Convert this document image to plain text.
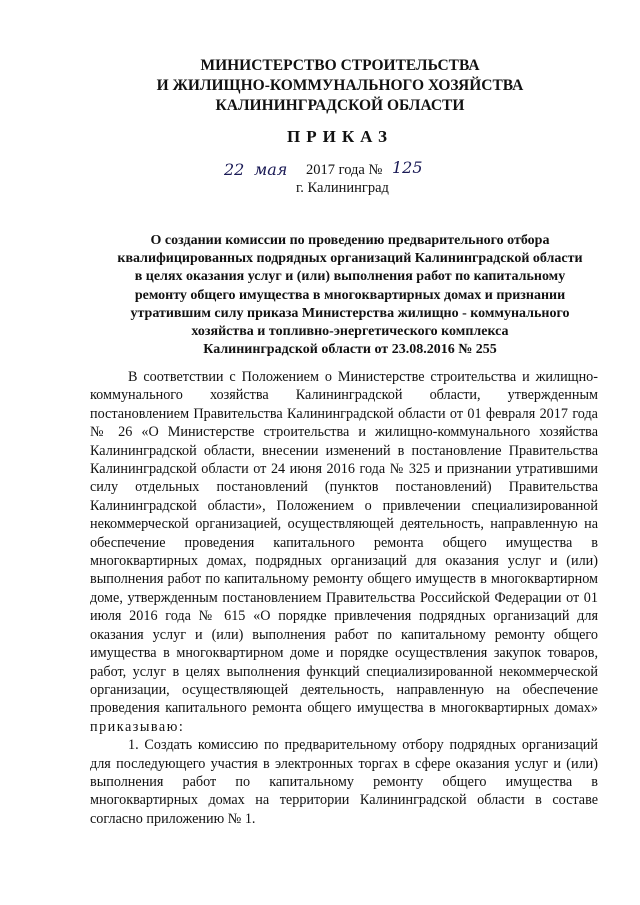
МИНИСТЕРСТВО СТРОИТЕЛЬСТВА
И ЖИЛИЩНО-КОММУНАЛЬНОГО ХОЗЯЙСТВА
КАЛИНИНГРАДСКОЙ ОБЛАСТИ
ПРИКАЗ
22 мая 2017 года № 125
г. Калининград
О создании комиссии по проведению предварительного отбора
квалифицированных подрядных организаций Калининградской области
в целях оказания услуг и (или) выполнения работ по капитальному
ремонту общего имущества в многоквартирных домах и признании
утратившим силу приказа Министерства жилищно - коммунального
хозяйства и топливно-энергетического комплекса
Калининградской области от 23.08.2016 № 255

В соответствии с Положением о Министерстве строительства и жилищно-коммунального хозяйства Калининградской области, утвержденным постановлением Правительства Калининградской области от 01 февраля 2017 года № 26 «О Министерстве строительства и жилищно-коммунального хозяйства Калининградской области, внесении изменений в постановление Правительства Калининградской области от 24 июня 2016 года № 325 и признании утратившими силу отдельных постановлений (пунктов постановлений) Правительства Калининградской области», Положением о привлечении специализированной некоммерческой организацией, осуществляющей деятельность, направленную на обеспечение проведения капитального ремонта общего имущества в многоквартирных домах, подрядных организаций для оказания услуг и (или) выполнения работ по капитальному ремонту общего имуществ в многоквартирном доме, утвержденным постановлением Правительства Российской Федерации от 01 июля 2016 года № 615 «О порядке привлечения подрядных организаций для оказания услуг и (или) выполнения работ по капитальному ремонту общего имущества в многоквартирном доме и порядке осуществления закупок товаров, работ, услуг в целях выполнения функций специализированной некоммерческой организации, осуществляющей деятельность, направленную на обеспечение проведения капитального ремонта общего имущества в многоквартирных домах» приказываю:

1. Создать комиссию по предварительному отбору подрядных организаций для последующего участия в электронных торгах в сфере оказания услуг и (или) выполнения работ по капитальному ремонту общего имущества в многоквартирных домах на территории Калининградской области в составе согласно приложению № 1.
